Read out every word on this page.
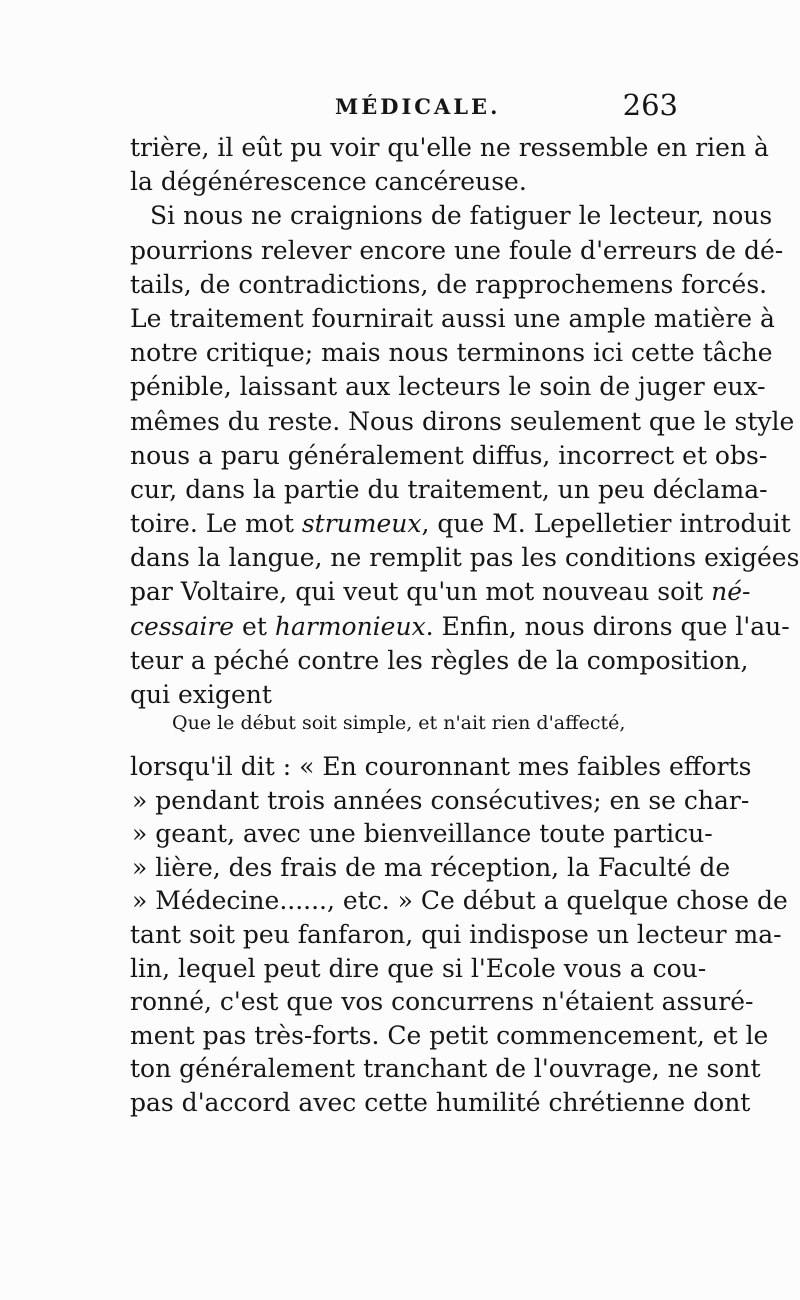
MÉDICALE.	263
trière, il eût pu voir qu'elle ne ressemble en rien à
la dégénérescence cancéreuse.
Si nous ne craignions de fatiguer le lecteur, nous
pourrions relever encore une foule d'erreurs de dé-
tails, de contradictions, de rapprochemens forcés.
Le traitement fournirait aussi une ample matière à
notre critique; mais nous terminons ici cette tâche
pénible, laissant aux lecteurs le soin de juger eux-
mêmes du reste. Nous dirons seulement que le style
nous a paru généralement diffus, incorrect et obs-
cur, dans la partie du traitement, un peu déclama-
toire. Le mot strumeux, que M. Lepelletier introduit
dans la langue, ne remplit pas les conditions exigées
par Voltaire, qui veut qu'un mot nouveau soit né-
cessaire et harmonieux. Enfin, nous dirons que l'au-
teur a péché contre les règles de la composition,
qui exigent
Que le début soit simple, et n'ait rien d'affecté,
lorsqu'il dit : « En couronnant mes faibles efforts
» pendant trois années consécutives; en se char-
» geant, avec une bienveillance toute particu-
» lière, des frais de ma réception, la Faculté de
» Médecine......, etc. » Ce début a quelque chose de
tant soit peu fanfaron, qui indispose un lecteur ma-
lin, lequel peut dire que si l'Ecole vous a cou-
ronné, c'est que vos concurrens n'étaient assuré-
ment pas très-forts. Ce petit commencement, et le
ton généralement tranchant de l'ouvrage, ne sont
pas d'accord avec cette humilité chrétienne dont
